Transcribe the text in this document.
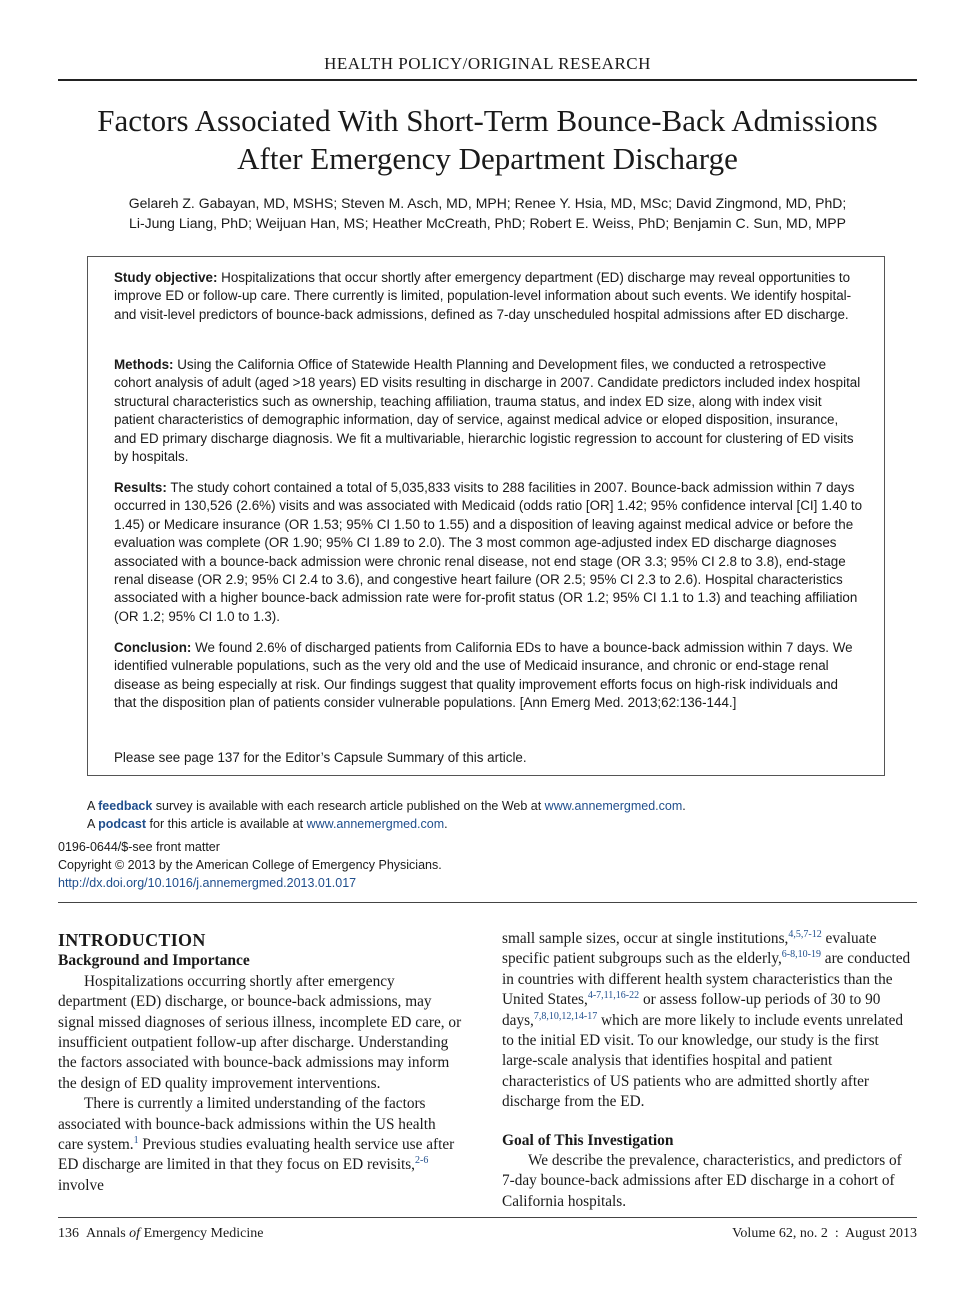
HEALTH POLICY/ORIGINAL RESEARCH
Factors Associated With Short-Term Bounce-Back Admissions
After Emergency Department Discharge
Gelareh Z. Gabayan, MD, MSHS; Steven M. Asch, MD, MPH; Renee Y. Hsia, MD, MSc; David Zingmond, MD, PhD;
Li-Jung Liang, PhD; Weijuan Han, MS; Heather McCreath, PhD; Robert E. Weiss, PhD; Benjamin C. Sun, MD, MPP
Study objective: Hospitalizations that occur shortly after emergency department (ED) discharge may reveal opportunities to improve ED or follow-up care. There currently is limited, population-level information about such events. We identify hospital- and visit-level predictors of bounce-back admissions, defined as 7-day unscheduled hospital admissions after ED discharge.
Methods: Using the California Office of Statewide Health Planning and Development files, we conducted a retrospective cohort analysis of adult (aged >18 years) ED visits resulting in discharge in 2007. Candidate predictors included index hospital structural characteristics such as ownership, teaching affiliation, trauma status, and index ED size, along with index visit patient characteristics of demographic information, day of service, against medical advice or eloped disposition, insurance, and ED primary discharge diagnosis. We fit a multivariable, hierarchic logistic regression to account for clustering of ED visits by hospitals.
Results: The study cohort contained a total of 5,035,833 visits to 288 facilities in 2007. Bounce-back admission within 7 days occurred in 130,526 (2.6%) visits and was associated with Medicaid (odds ratio [OR] 1.42; 95% confidence interval [CI] 1.40 to 1.45) or Medicare insurance (OR 1.53; 95% CI 1.50 to 1.55) and a disposition of leaving against medical advice or before the evaluation was complete (OR 1.90; 95% CI 1.89 to 2.0). The 3 most common age-adjusted index ED discharge diagnoses associated with a bounce-back admission were chronic renal disease, not end stage (OR 3.3; 95% CI 2.8 to 3.8), end-stage renal disease (OR 2.9; 95% CI 2.4 to 3.6), and congestive heart failure (OR 2.5; 95% CI 2.3 to 2.6). Hospital characteristics associated with a higher bounce-back admission rate were for-profit status (OR 1.2; 95% CI 1.1 to 1.3) and teaching affiliation (OR 1.2; 95% CI 1.0 to 1.3).
Conclusion: We found 2.6% of discharged patients from California EDs to have a bounce-back admission within 7 days. We identified vulnerable populations, such as the very old and the use of Medicaid insurance, and chronic or end-stage renal disease as being especially at risk. Our findings suggest that quality improvement efforts focus on high-risk individuals and that the disposition plan of patients consider vulnerable populations. [Ann Emerg Med. 2013;62:136-144.]
Please see page 137 for the Editor’s Capsule Summary of this article.
A feedback survey is available with each research article published on the Web at www.annemergmed.com.
A podcast for this article is available at www.annemergmed.com.
0196-0644/$-see front matter
Copyright © 2013 by the American College of Emergency Physicians.
http://dx.doi.org/10.1016/j.annemergmed.2013.01.017
INTRODUCTION
Background and Importance

Hospitalizations occurring shortly after emergency department (ED) discharge, or bounce-back admissions, may signal missed diagnoses of serious illness, incomplete ED care, or insufficient outpatient follow-up after discharge. Understanding the factors associated with bounce-back admissions may inform the design of ED quality improvement interventions.

There is currently a limited understanding of the factors associated with bounce-back admissions within the US health care system.$^1$ Previous studies evaluating health service use after ED discharge are limited in that they focus on ED revisits,$^{2-6}$ involve

small sample sizes, occur at single institutions,$^{4,5,7-12}$ evaluate specific patient subgroups such as the elderly,$^{6-8,10-19}$ are conducted in countries with different health system characteristics than the United States,$^{4-7,11,16-22}$ or assess follow-up periods of 30 to 90 days,$^{7,8,10,12,14-17}$ which are more likely to include events unrelated to the initial ED visit. To our knowledge, our study is the first large-scale analysis that identifies hospital and patient characteristics of US patients who are admitted shortly after discharge from the ED.

Goal of This Investigation

We describe the prevalence, characteristics, and predictors of 7-day bounce-back admissions after ED discharge in a cohort of California hospitals.

136 Annals of Emergency Medicine	Volume 62, no. 2  :  August 2013
